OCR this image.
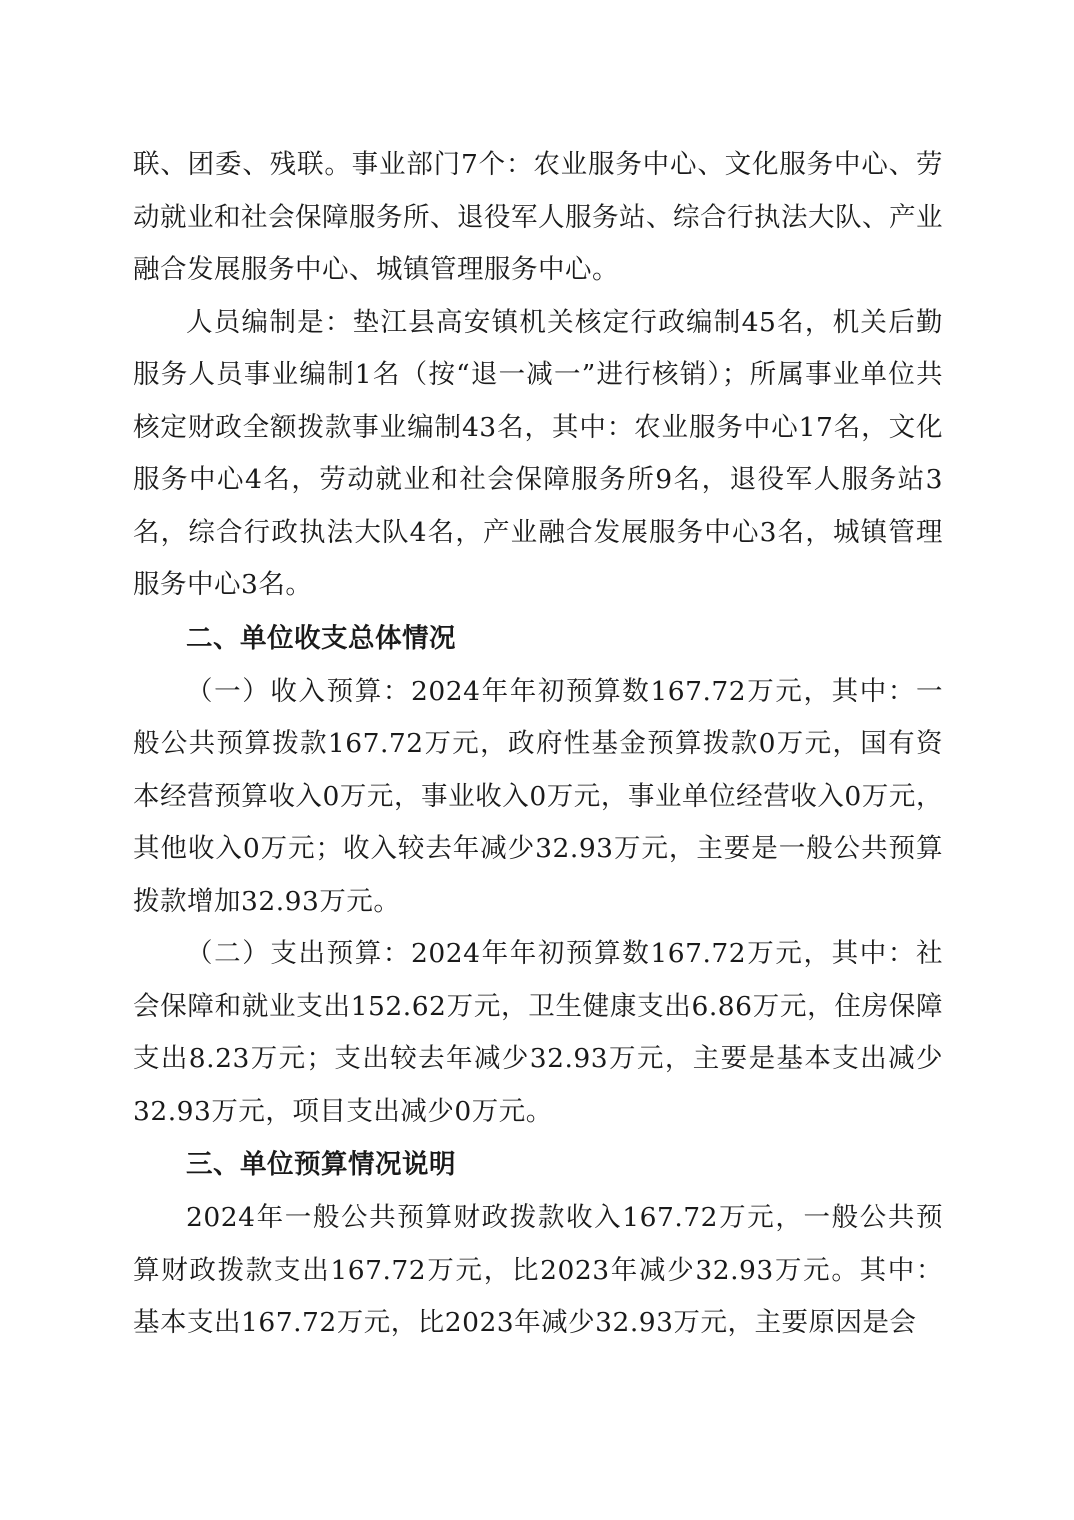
联、团委、残联。事业部门7个：农业服务中心、文化服务中心、劳动就业和社会保障服务所、退役军人服务站、综合行执法大队、产业融合发展服务中心、城镇管理服务中心。

人员编制是：垫江县高安镇机关核定行政编制45名，机关后勤服务人员事业编制1名（按“退一减一”进行核销）；所属事业单位共核定财政全额拨款事业编制43名，其中：农业服务中心17名，文化服务中心4名，劳动就业和社会保障服务所9名，退役军人服务站3名，综合行政执法大队4名，产业融合发展服务中心3名，城镇管理服务中心3名。

二、单位收支总体情况

（一）收入预算：2024年年初预算数167.72万元，其中：一般公共预算拨款167.72万元，政府性基金预算拨款0万元，国有资本经营预算收入0万元，事业收入0万元，事业单位经营收入0万元，其他收入0万元；收入较去年减少32.93万元，主要是一般公共预算拨款增加32.93万元。

（二）支出预算：2024年年初预算数167.72万元，其中：社会保障和就业支出152.62万元，卫生健康支出6.86万元，住房保障支出8.23万元；支出较去年减少32.93万元，主要是基本支出减少32.93万元，项目支出减少0万元。

三、单位预算情况说明

2024年一般公共预算财政拨款收入167.72万元，一般公共预算财政拨款支出167.72万元，比2023年减少32.93万元。其中：基本支出167.72万元，比2023年减少32.93万元，主要原因是会
